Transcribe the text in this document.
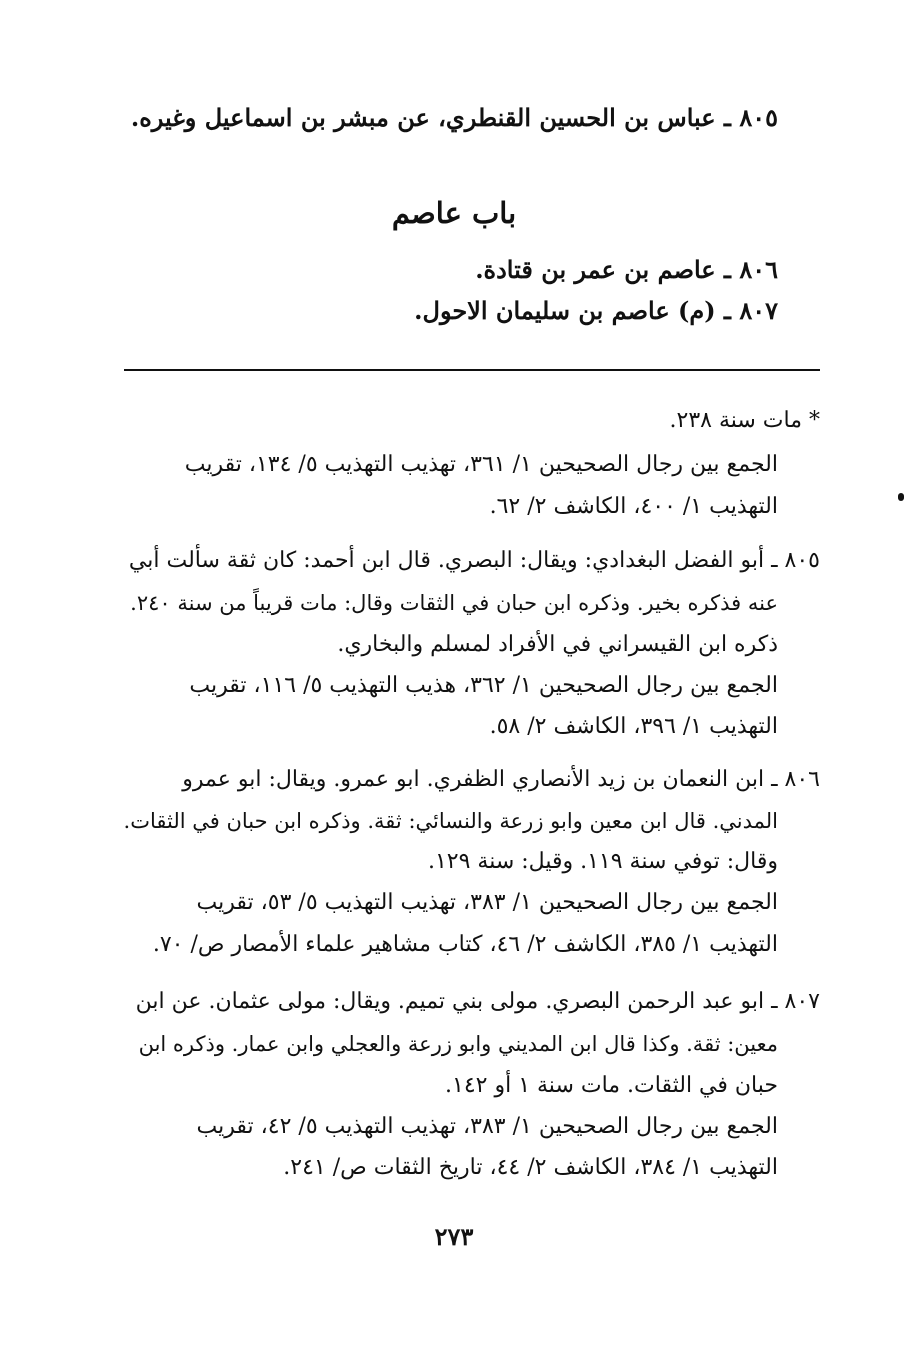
٨٠٥ ـ عباس بن الحسين القنطري، عن مبشر بن اسماعيل وغيره.
باب عاصم
٨٠٦ ـ عاصم بن عمر بن قتادة.
٨٠٧ ـ (م) عاصم بن سليمان الاحول.
* مات سنة ٢٣٨.
الجمع بين رجال الصحيحين ١/ ٣٦١، تهذيب التهذيب ٥/ ١٣٤، تقريب
التهذيب ١/ ٤٠٠، الكاشف ٢/ ٦٢.
٨٠٥ ـ أبو الفضل البغدادي: ويقال: البصري. قال ابن أحمد: كان ثقة سألت أبي
عنه فذكره بخير. وذكره ابن حبان في الثقات وقال: مات قريباً من سنة ٢٤٠.
ذكره ابن القيسراني في الأفراد لمسلم والبخاري.
الجمع بين رجال الصحيحين ١/ ٣٦٢، هذيب التهذيب ٥/ ١١٦، تقريب
التهذيب ١/ ٣٩٦، الكاشف ٢/ ٥٨.
٨٠٦ ـ ابن النعمان بن زيد الأنصاري الظفري. ابو عمرو. ويقال: ابو عمرو
المدني. قال ابن معين وابو زرعة والنسائي: ثقة. وذكره ابن حبان في الثقات.
وقال: توفي سنة ١١٩. وقيل: سنة ١٢٩.
الجمع بين رجال الصحيحين ١/ ٣٨٣، تهذيب التهذيب ٥/ ٥٣، تقريب
التهذيب ١/ ٣٨٥، الكاشف ٢/ ٤٦، كتاب مشاهير علماء الأمصار ص/ ٧٠.
٨٠٧ ـ ابو عبد الرحمن البصري. مولى بني تميم. ويقال: مولى عثمان. عن ابن
معين: ثقة. وكذا قال ابن المديني وابو زرعة والعجلي وابن عمار. وذكره ابن
حبان في الثقات. مات سنة ١ أو ١٤٢.
الجمع بين رجال الصحيحين ١/ ٣٨٣، تهذيب التهذيب ٥/ ٤٢، تقريب
التهذيب ١/ ٣٨٤، الكاشف ٢/ ٤٤، تاريخ الثقات ص/ ٢٤١.
٢٧٣
